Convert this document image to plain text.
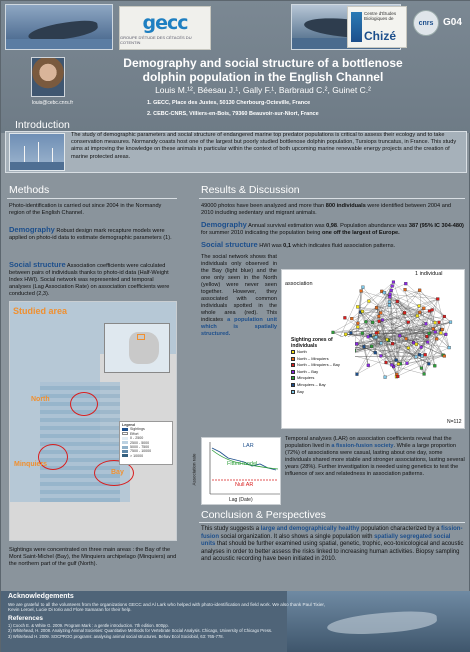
gecc
GROUPE D'ÉTUDE DES CÉTACÉS DU COTENTIN
Centre d'Études Biologiques de
Chizé
cnrs G04
louis@cebc.cnrs.fr
Demography and social structure of a bottlenose
dolphin population in the English Channel
Louis M.¹², Béesau J.¹, Gally F.¹, Barbraud C.², Guinet C.²
1. GECC, Place des Justes, 50130 Cherbourg-Octeville, France
2. CEBC-CNRS, Villiers-en-Bois, 79360 Beauvoir-sur-Niort, France
Introduction
The study of demographic parameters and social structure of endangered marine top predator populations is critical to assess their ecology and to take conservation measures. Normandy coasts host one of the largest but poorly studied bottlenose dolphin population, Tursiops truncatus, in France. This study aims at improving the knowledge on these animals in particular within the context of both upcoming marine renewable energy projects and the creation of marine protected areas.
Methods
Photo-identification is carried out since 2004 in the Normandy region of the English Channel.
Demography Robust design mark recapture models were applied on photo-id data to estimate demographic parameters (1).
Social structure Association coefficients were calculated between pairs of individuals thanks to photo-id data (Half-Weight Index HWI). Social network was represented and temporal analyses (Lag Association Rate) on association coefficients were conducted (2,3).
Studied area
North
Minquiers
Bay
Legend
Sightings
Effort
0 - 2500
2500 - 5000
5000 - 7500
7500 - 10000
> 10000
Sightings were concentrated on three main areas : the Bay of the Mont Saint-Michel (Bay), the Minquiers archipelago (Minquiers) and the northern part of the gulf (North).
Results & Discussion
49000 photos have been analyzed and more than 800 individuals were identified between 2004 and 2010 including sedentary and migrant animals.
Demography Annual survival estimation was 0,98. Population abundance was 387 (95% IC 304-480) for summer 2010 indicating the population being one off the largest of Europe.
Social structure HWI was 0,1 which indicates fluid association patterns.
The social network shows that individuals only observed in the Bay (light blue) and the one only seen in the North (yellow) were never seen together. However, they associated with common individuals spotted in the whole area (red). This indicates a population unit which is spatially structured.
association
1 individual
Sighting zones of individuals
North
North – Minquiers
North – Minquiers – Bay
North – Bay
Minquiers
Minquiers – Bay
Bay
N=112
LAR
Fitted model
Null AR
Association rate
Lag (Date)
Temporal analyses (LAR) on association coefficients reveal that the population lived in a fission-fusion society. While a large proportion (72%) of associations were casual, lasting about one day, some individuals shared more stable and stronger associations, lasting several years (28%). Further investigation is needed using genetics to test the influence of sex and relatedness in association patterns.
Conclusion & Perspectives
This study suggests a large and demographically healthy population characterized by a fission-fusion social organization. It also shows a single population with spatially segregated social units that should be further examined using spatial, genetic, trophic, eco-toxicological and acoustic analyses in order to better assess the risks linked to increasing human activities. Biopsy sampling and acoustic recording have been initiated in 2010.
Acknowledgements
We are grateful to all the volunteers from the organizations GECC and Al Lark who helped with photo-identification and field work. We also thank Paul Tixier, Kevin Leroel, Lucie Di Iorio and Flore Samaran for their help.
References
1) Cooch E. & White G. 2009. Program Mark : a gentle introduction. 7th edition. 800pp.
2) Whitehead, H. 2008. Analyzing Animal Societies: Quantitative Methods for Vertebrate Social Analysis. Chicago, University of Chicago Press.
3) Whitehead H. 2009. SOCPROG programs: analysing animal social structures. Behav Ecol Sociobiol, 63: 765-778.
